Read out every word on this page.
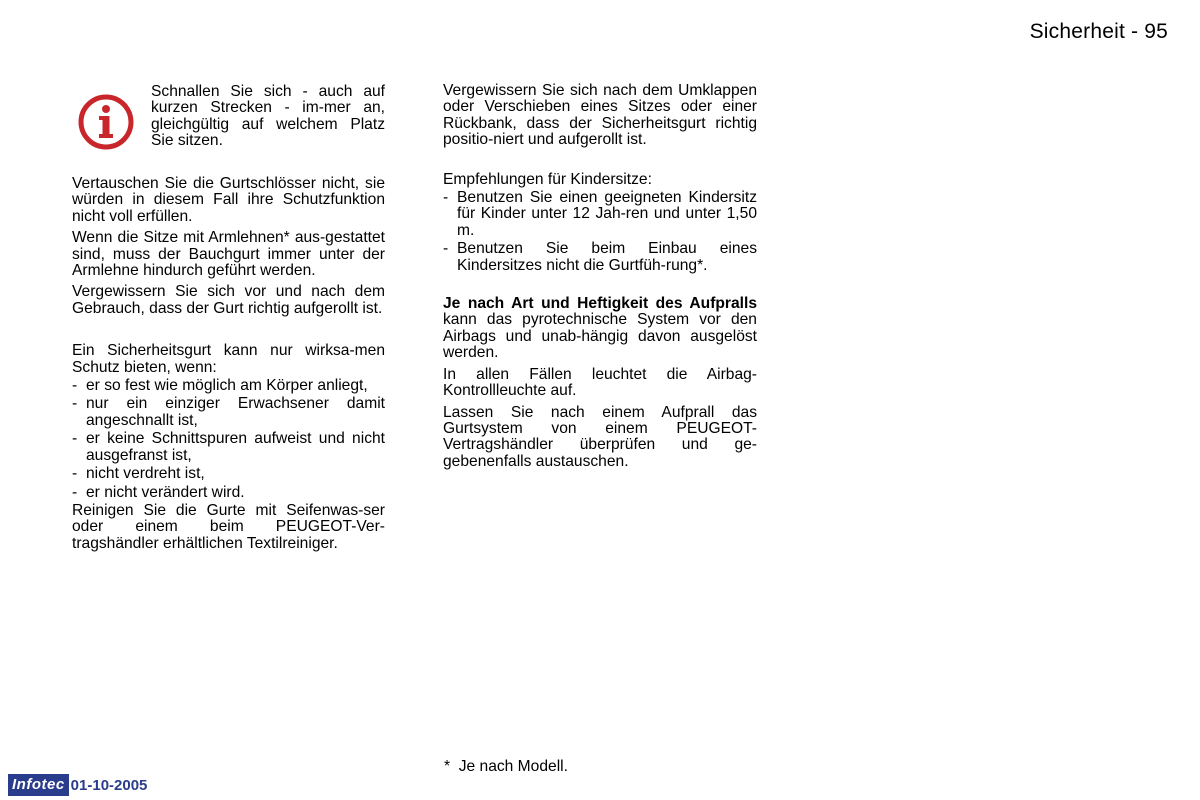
Sicherheit - 95
Schnallen Sie sich - auch auf kurzen Strecken - im-mer an, gleichgültig auf welchem Platz Sie sitzen.

Vertauschen Sie die Gurtschlösser nicht, sie würden in diesem Fall ihre Schutzfunktion nicht voll erfüllen.

Wenn die Sitze mit Armlehnen* aus-gestattet sind, muss der Bauchgurt immer unter der Armlehne hindurch geführt werden.

Vergewissern Sie sich vor und nach dem Gebrauch, dass der Gurt richtig aufgerollt ist.

Ein Sicherheitsgurt kann nur wirksa-men Schutz bieten, wenn:

- er so fest wie möglich am Körper anliegt,
- nur ein einziger Erwachsener damit angeschnallt ist,
- er keine Schnittspuren aufweist und nicht ausgefranst ist,
- nicht verdreht ist,
- er nicht verändert wird.

Reinigen Sie die Gurte mit Seifenwas-ser oder einem beim PEUGEOT-Ver-tragshändler erhältlichen Textilreiniger.

Vergewissern Sie sich nach dem Umklappen oder Verschieben eines Sitzes oder einer Rückbank, dass der Sicherheitsgurt richtig positio-niert und aufgerollt ist.

Empfehlungen für Kindersitze:

- Benutzen Sie einen geeigneten Kindersitz für Kinder unter 12 Jah-ren und unter 1,50 m.
- Benutzen Sie beim Einbau eines Kindersitzes nicht die Gurtfüh-rung*.

Je nach Art und Heftigkeit des Aufpralls kann das pyrotechnische System vor den Airbags und unab-hängig davon ausgelöst werden.

In allen Fällen leuchtet die Airbag-Kontrollleuchte auf.

Lassen Sie nach einem Aufprall das Gurtsystem von einem PEUGEOT-Vertragshändler überprüfen und ge-gebenenfalls austauschen.

*  Je nach Modell.
Infotec 01-10-2005
